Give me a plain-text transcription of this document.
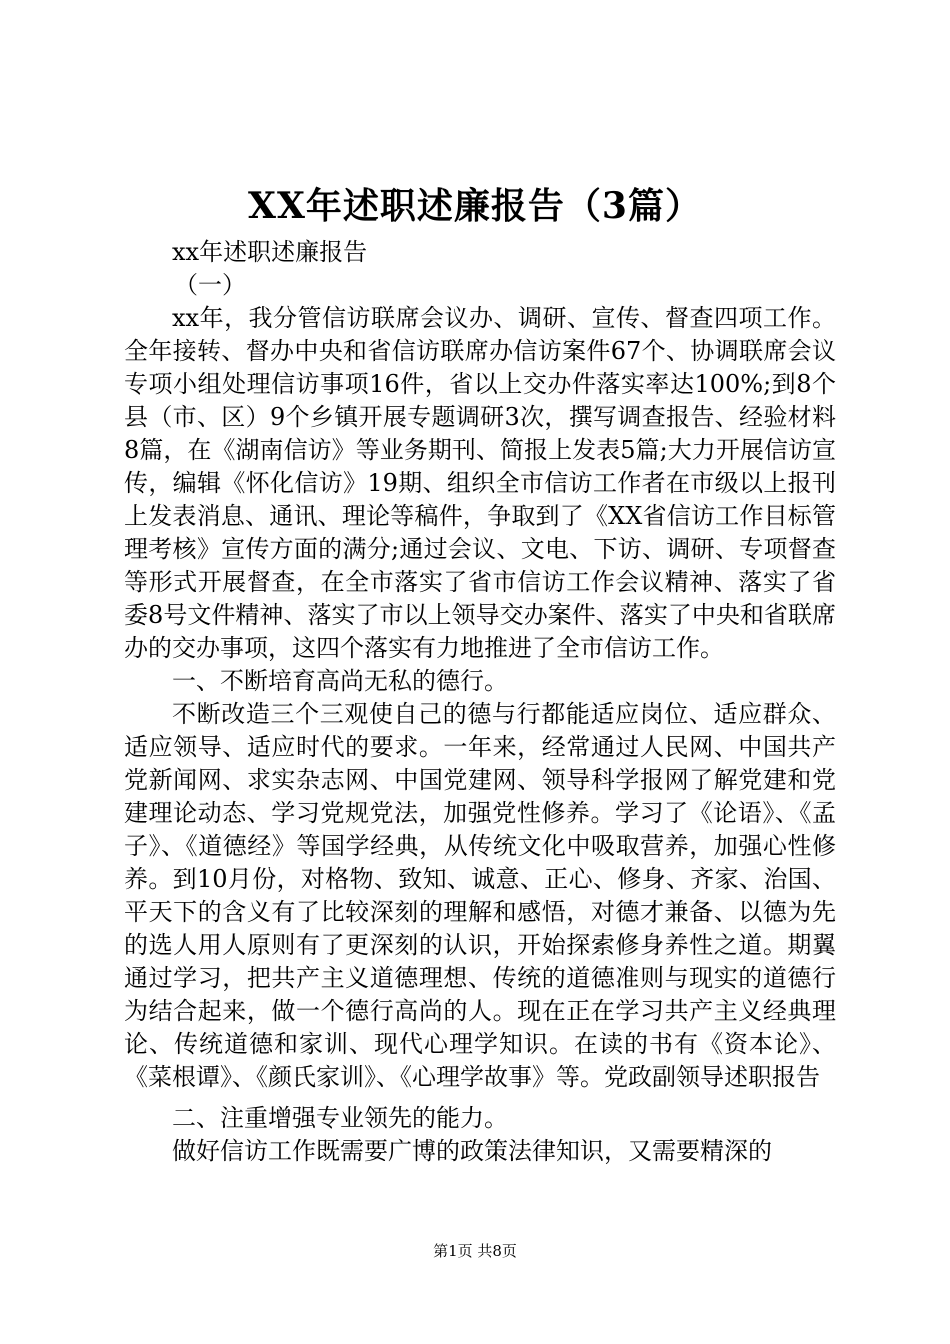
XX年述职述廉报告（3篇）

xx年述职述廉报告

（一）

xx年，我分管信访联席会议办、调研、宣传、督查四项工作。全年接转、督办中央和省信访联席办信访案件67个、协调联席会议专项小组处理信访事项16件，省以上交办件落实率达100%;到8个县（市、区）9个乡镇开展专题调研3次，撰写调查报告、经验材料8篇，在《湖南信访》等业务期刊、简报上发表5篇;大力开展信访宣传，编辑《怀化信访》19期、组织全市信访工作者在市级以上报刊上发表消息、通讯、理论等稿件，争取到了《XX省信访工作目标管理考核》宣传方面的满分;通过会议、文电、下访、调研、专项督查等形式开展督查，在全市落实了省市信访工作会议精神、落实了省委8号文件精神、落实了市以上领导交办案件、落实了中央和省联席办的交办事项，这四个落实有力地推进了全市信访工作。

一、不断培育高尚无私的德行。

不断改造三个三观使自己的德与行都能适应岗位、适应群众、适应领导、适应时代的要求。一年来，经常通过人民网、中国共产党新闻网、求实杂志网、中国党建网、领导科学报网了解党建和党建理论动态、学习党规党法，加强党性修养。学习了《论语》、《孟子》、《道德经》等国学经典，从传统文化中吸取营养，加强心性修养。到10月份，对格物、致知、诚意、正心、修身、齐家、治国、平天下的含义有了比较深刻的理解和感悟，对德才兼备、以德为先的选人用人原则有了更深刻的认识，开始探索修身养性之道。期翼通过学习，把共产主义道德理想、传统的道德准则与现实的道德行为结合起来，做一个德行高尚的人。现在正在学习共产主义经典理论、传统道德和家训、现代心理学知识。在读的书有《资本论》、《菜根谭》、《颜氏家训》、《心理学故事》等。党政副领导述职报告

二、注重增强专业领先的能力。

做好信访工作既需要广博的政策法律知识，又需要精深的

第1页 共8页
